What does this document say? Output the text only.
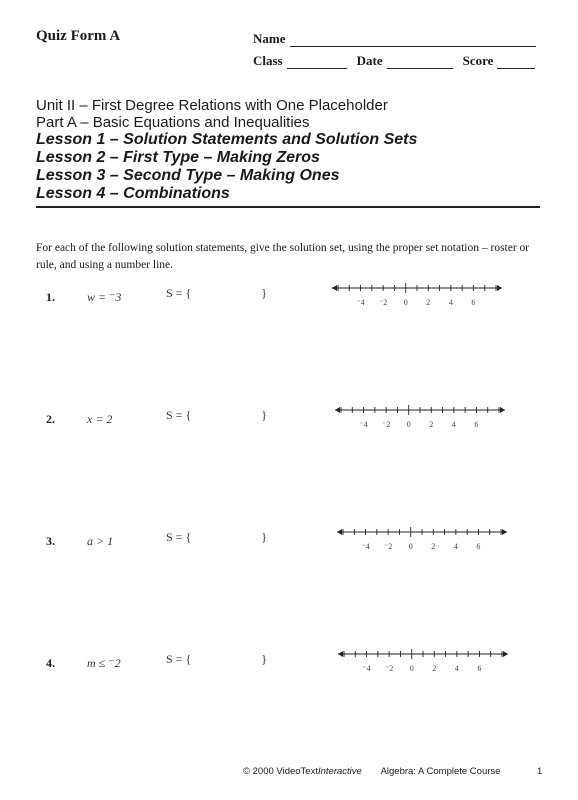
Quiz Form A	Name
Class	Date	Score
Unit II – First Degree Relations with One Placeholder
Part A – Basic Equations and Inequalities
Lesson 1 – Solution Statements and Solution Sets
Lesson 2 – First Type – Making Zeros
Lesson 3 – Second Type – Making Ones
Lesson 4 – Combinations
For each of the following solution statements, give the solution set, using the proper set notation – roster or rule, and using a number line.
1.	w = ⁻3	S = {	}
2.	x = 2	S = {	}
3.	a > 1	S = {	}
4.	m ≤ ⁻2	S = {	}
⁻4 ⁻2 0 2 4 6
⁻4 ⁻2 0 2 4 6
⁻4 ⁻2 0 2 4 6
⁻4 ⁻2 0 2 4 6
© 2000 VideoTextInteractive Algebra: A Complete Course	1
